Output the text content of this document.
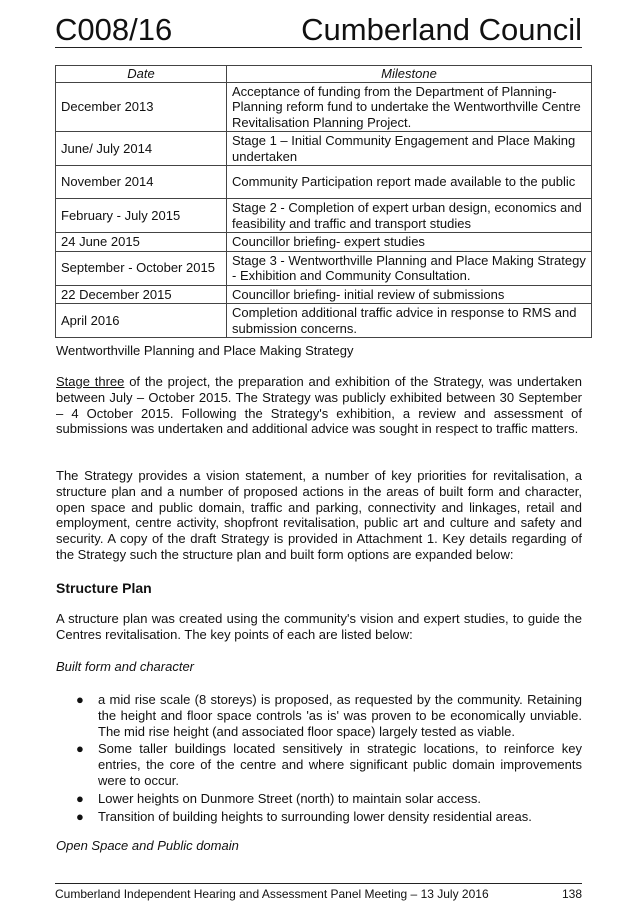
C008/16	Cumberland Council
Date	Milestone
December 2013	Acceptance of funding from the Department of Planning- Planning reform fund to undertake the Wentworthville Centre Revitalisation Planning Project.
June/ July 2014	Stage 1 – Initial Community Engagement and Place Making undertaken
November 2014	Community Participation report made available to the public
February - July 2015	Stage 2 - Completion of expert urban design, economics and feasibility and traffic and transport studies
24 June 2015	Councillor briefing- expert studies
September - October 2015	Stage 3 - Wentworthville Planning and Place Making Strategy - Exhibition and Community Consultation.
22 December 2015	Councillor briefing- initial review of submissions
April 2016	Completion additional traffic advice in response to RMS and submission concerns.
Wentworthville Planning and Place Making Strategy
Stage three of the project, the preparation and exhibition of the Strategy, was undertaken between July – October 2015. The Strategy was publicly exhibited between 30 September – 4 October 2015. Following the Strategy's exhibition, a review and assessment of submissions was undertaken and additional advice was sought in respect to traffic matters.
The Strategy provides a vision statement, a number of key priorities for revitalisation, a structure plan and a number of proposed actions in the areas of built form and character, open space and public domain, traffic and parking, connectivity and linkages, retail and employment, centre activity, shopfront revitalisation, public art and culture and safety and security. A copy of the draft Strategy is provided in Attachment 1. Key details regarding of the Strategy such the structure plan and built form options are expanded below:
Structure Plan
A structure plan was created using the community's vision and expert studies, to guide the Centres revitalisation. The key points of each are listed below:
Built form and character
● a mid rise scale (8 storeys) is proposed, as requested by the community. Retaining the height and floor space controls 'as is' was proven to be economically unviable. The mid rise height (and associated floor space) largely tested as viable.
● Some taller buildings located sensitively in strategic locations, to reinforce key entries, the core of the centre and where significant public domain improvements were to occur.
● Lower heights on Dunmore Street (north) to maintain solar access.
● Transition of building heights to surrounding lower density residential areas.
Open Space and Public domain
Cumberland Independent Hearing and Assessment Panel Meeting – 13 July 2016	138
